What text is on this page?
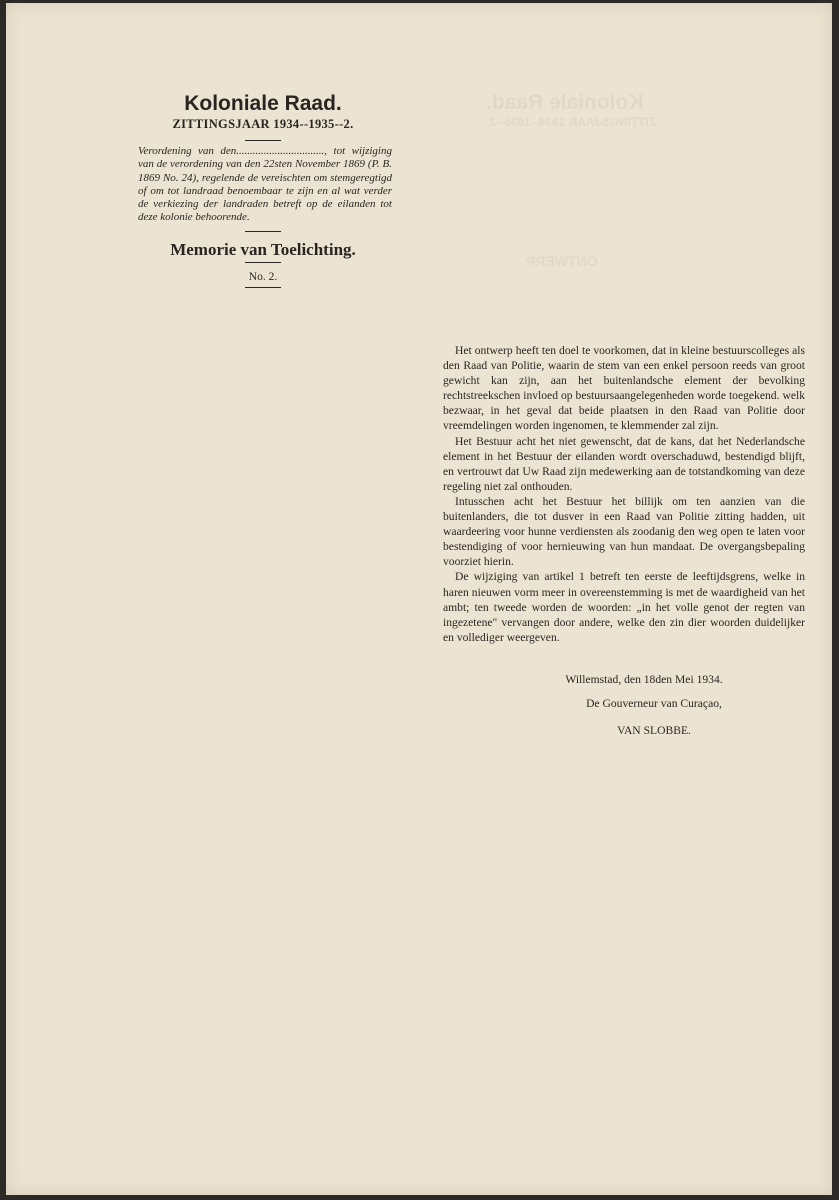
Koloniale Raad.
ZITTINGSJAAR 1934--1935--2.
ONTWERP
Koloniale Raad.

ZITTINGSJAAR 1934--1935--2.

Verordening van den................................, tot wijziging van de verordening van den 22sten November 1869 (P. B. 1869 No. 24), regelende de vereischten om stemgeregtigd of om tot landraad benoembaar te zijn en al wat verder de verkiezing der landraden betreft op de eilanden tot deze kolonie behoorende.

Memorie van Toelichting.

No. 2.

Het ontwerp heeft ten doel te voorkomen, dat in kleine bestuurscolleges als den Raad van Politie, waarin de stem van een enkel persoon reeds van groot gewicht kan zijn, aan het buitenlandsche element der bevolking rechtstreekschen invloed op bestuursaangelegenheden worde toegekend. welk bezwaar, in het geval dat beide plaatsen in den Raad van Politie door vreemdelingen worden ingenomen, te klemmender zal zijn.

Het Bestuur acht het niet gewenscht, dat de kans, dat het Nederlandsche element in het Bestuur der eilanden wordt overschaduwd, bestendigd blijft, en vertrouwt dat Uw Raad zijn medewerking aan de totstandkoming van deze regeling niet zal onthouden.

Intusschen acht het Bestuur het billijk om ten aanzien van die buitenlanders, die tot dusver in een Raad van Politie zitting hadden, uit waardeering voor hunne verdiensten als zoodanig den weg open te laten voor bestendiging of voor hernieuwing van hun mandaat. De overgangsbepaling voorziet hierin.

De wijziging van artikel 1 betreft ten eerste de leeftijdsgrens, welke in haren nieuwen vorm meer in overeenstemming is met de waardigheid van het ambt; ten tweede worden de woorden: „in het volle genot der regten van ingezetene" vervangen door andere, welke den zin dier woorden duidelijker en vollediger weergeven.

Willemstad, den 18den Mei 1934.
De Gouverneur van Curaçao,
VAN SLOBBE.
